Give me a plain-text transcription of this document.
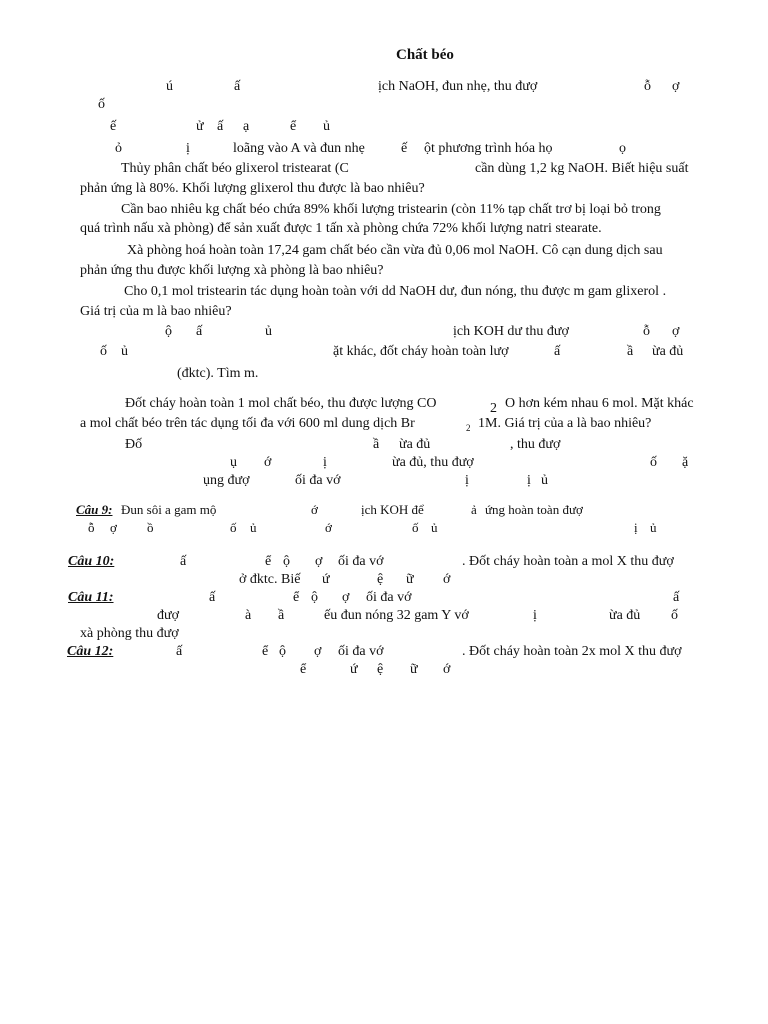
Chất béo
ú	ấ	ịch NaOH, đun nhẹ, thu đượ	ỗ ợ
ố
ế	ử ấ ạ	ể ủ
ỏ	ị	loãng vào A và đun nhẹ	ế ột phương trình hóa họ	ọ
Thủy phân chất béo glixerol tristearat (C	cần dùng 1,2 kg NaOH. Biết hiệu suất
phản ứng là 80%. Khối lượng glixerol thu được là bao nhiêu?
Cần bao nhiêu kg chất béo chứa 89% khối lượng tristearin (còn 11% tạp chất trơ bị loại bỏ trong
quá trình nấu xà phòng) để sản xuất được 1 tấn xà phòng chứa 72% khối lượng natri stearate.
Xà phòng hoá hoàn toàn 17,24 gam chất béo cần vừa đủ 0,06 mol NaOH. Cô cạn dung dịch sau
phản ứng thu được khối lượng xà phòng là bao nhiêu?
Cho 0,1 mol tristearin tác dụng hoàn toàn với dd NaOH dư, đun nóng, thu được m gam glixerol .
Giá trị của m là bao nhiêu?
ộ ấ	ủ	ịch KOH dư thu đượ	ỗ ợ
ố ủ	ặt khác, đốt cháy hoàn toàn lượ	ấ	ầ ừa đủ
(đktc). Tìm m.
Đốt cháy hoàn toàn 1 mol chất béo, thu được lượng CO	2 O hơn kém nhau 6 mol. Mặt khác
a mol chất béo trên tác dụng tối đa với 600 ml dung dịch Br	2 1M. Giá trị của a là bao nhiêu?
Đố	ầ ừa đủ	, thu đượ
ụ ớ	ị	ừa đủ, thu đượ	ố ặ
ụng đượ	ối đa vớ	ị	ị ủ
Câu 9: Đun sôi a gam mộ	ớ	ịch KOH để	ả ứng hoàn toàn đượ
ỗ ợ ồ	ố ủ	ớ	ố ủ	ị ủ
Câu 10:	ấ	ể ộ ợ ối đa vớ	. Đốt cháy hoàn toàn a mol X thu đượ
ở đktc. Biế ứ	ệ ữ ớ
Câu 11:	ấ	ể ộ ợ ối đa vớ	ấ
đượ	à ầ	ếu đun nóng 32 gam Y vớ	ị	ừa đủ ố
xà phòng thu đượ
Câu 12:	ấ	ể ộ ợ ối đa vớ	. Đốt cháy hoàn toàn 2x mol X thu đượ
ể	ứ ệ ữ ớ
